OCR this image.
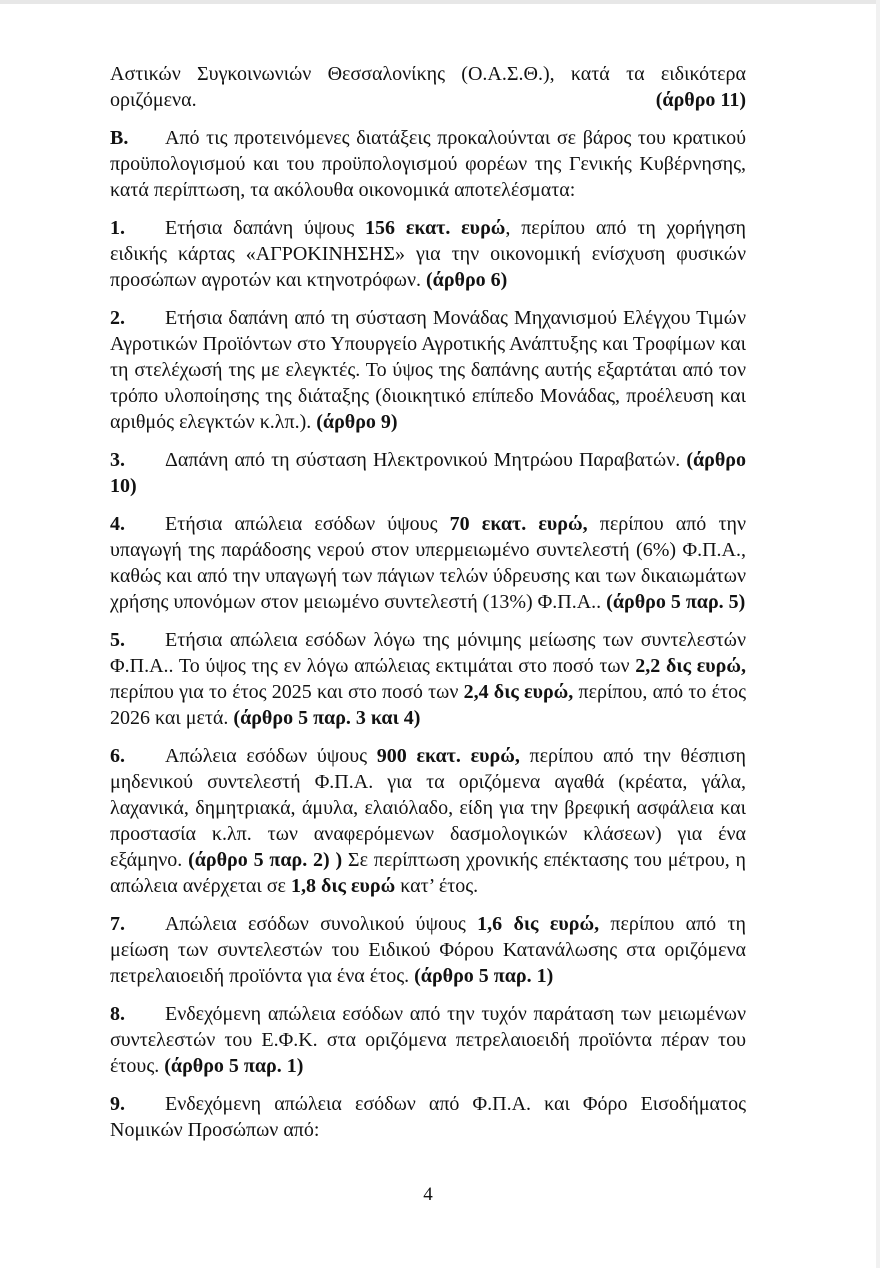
Αστικών Συγκοινωνιών Θεσσαλονίκης (Ο.Α.Σ.Θ.), κατά τα ειδικότερα οριζόμενα.	(άρθρο 11)

Β. Από τις προτεινόμενες διατάξεις προκαλούνται σε βάρος του κρατικού προϋπολογισμού και του προϋπολογισμού φορέων της Γενικής Κυβέρνησης, κατά περίπτωση, τα ακόλουθα οικονομικά αποτελέσματα:

1. Ετήσια δαπάνη ύψους 156 εκατ. ευρώ, περίπου από τη χορήγηση ειδικής κάρτας «ΑΓΡΟΚΙΝΗΣΗΣ» για την οικονομική ενίσχυση φυσικών προσώπων αγροτών και κτηνοτρόφων. (άρθρο 6)

2. Ετήσια δαπάνη από τη σύσταση Μονάδας Μηχανισμού Ελέγχου Τιμών Αγροτικών Προϊόντων στο Υπουργείο Αγροτικής Ανάπτυξης και Τροφίμων και τη στελέχωσή της με ελεγκτές. Το ύψος της δαπάνης αυτής εξαρτάται από τον τρόπο υλοποίησης της διάταξης (διοικητικό επίπεδο Μονάδας, προέλευση και αριθμός ελεγκτών κ.λπ.). (άρθρο 9)

3. Δαπάνη από τη σύσταση Ηλεκτρονικού Μητρώου Παραβατών. (άρθρο 10)

4. Ετήσια απώλεια εσόδων ύψους 70 εκατ. ευρώ, περίπου από την υπαγωγή της παράδοσης νερού στον υπερμειωμένο συντελεστή (6%) Φ.Π.Α., καθώς και από την υπαγωγή των πάγιων τελών ύδρευσης και των δικαιωμάτων χρήσης υπονόμων στον μειωμένο συντελεστή (13%) Φ.Π.Α.. (άρθρο 5 παρ. 5)

5. Ετήσια απώλεια εσόδων λόγω της μόνιμης μείωσης των συντελεστών Φ.Π.Α.. Το ύψος της εν λόγω απώλειας εκτιμάται στο ποσό των 2,2 δις ευρώ, περίπου για το έτος 2025 και στο ποσό των 2,4 δις ευρώ, περίπου, από το έτος 2026 και μετά. (άρθρο 5 παρ. 3 και 4)

6. Απώλεια εσόδων ύψους 900 εκατ. ευρώ, περίπου από την θέσπιση μηδενικού συντελεστή Φ.Π.Α. για τα οριζόμενα αγαθά (κρέατα, γάλα, λαχανικά, δημητριακά, άμυλα, ελαιόλαδο, είδη για την βρεφική ασφάλεια και προστασία κ.λπ. των αναφερόμενων δασμολογικών κλάσεων) για ένα εξάμηνο. (άρθρο 5 παρ. 2) ) Σε περίπτωση χρονικής επέκτασης του μέτρου, η απώλεια ανέρχεται σε 1,8 δις ευρώ κατ’ έτος.

7. Απώλεια εσόδων συνολικού ύψους 1,6 δις ευρώ, περίπου από τη μείωση των συντελεστών του Ειδικού Φόρου Κατανάλωσης στα οριζόμενα πετρελαιοειδή προϊόντα για ένα έτος. (άρθρο 5 παρ. 1)

8. Ενδεχόμενη απώλεια εσόδων από την τυχόν παράταση των μειωμένων συντελεστών του Ε.Φ.Κ. στα οριζόμενα πετρελαιοειδή προϊόντα πέραν του έτους. (άρθρο 5 παρ. 1)

9. Ενδεχόμενη απώλεια εσόδων από Φ.Π.Α. και Φόρο Εισοδήματος Νομικών Προσώπων από:

4
